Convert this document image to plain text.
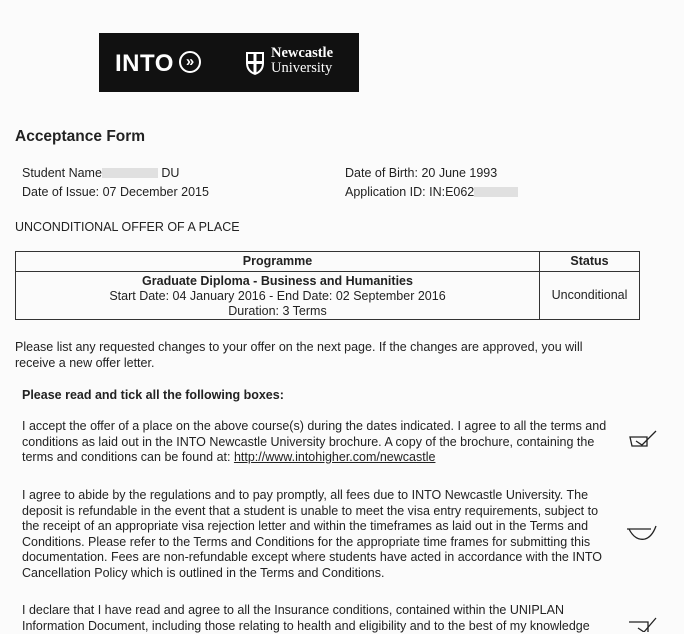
INTO »	Newcastle
University
Acceptance Form
Student Name	DU
Date of Issue: 07 December 2015
Date of Birth: 20 June 1993
Application ID: IN:E062
UNCONDITIONAL OFFER OF A PLACE
Programme	Status
Graduate Diploma - Business and Humanities
Start Date: 04 January 2016 - End Date: 02 September 2016
Duration: 3 Terms
Unconditional
Please list any requested changes to your offer on the next page. If the changes are approved, you will receive a new offer letter.
Please read and tick all the following boxes:
I accept the offer of a place on the above course(s) during the dates indicated. I agree to all the terms and conditions as laid out in the INTO Newcastle University brochure. A copy of the brochure, containing the terms and conditions can be found at: http://www.intohigher.com/newcastle
I agree to abide by the regulations and to pay promptly, all fees due to INTO Newcastle University. The deposit is refundable in the event that a student is unable to meet the visa entry requirements, subject to the receipt of an appropriate visa rejection letter and within the timeframes as laid out in the Terms and Conditions. Please refer to the Terms and Conditions for the appropriate time frames for submitting this documentation. Fees are non-refundable except where students have acted in accordance with the INTO Cancellation Policy which is outlined in the Terms and Conditions.
I declare that I have read and agree to all the Insurance conditions, contained within the UNIPLAN Information Document, including those relating to health and eligibility and to the best of my knowledge
